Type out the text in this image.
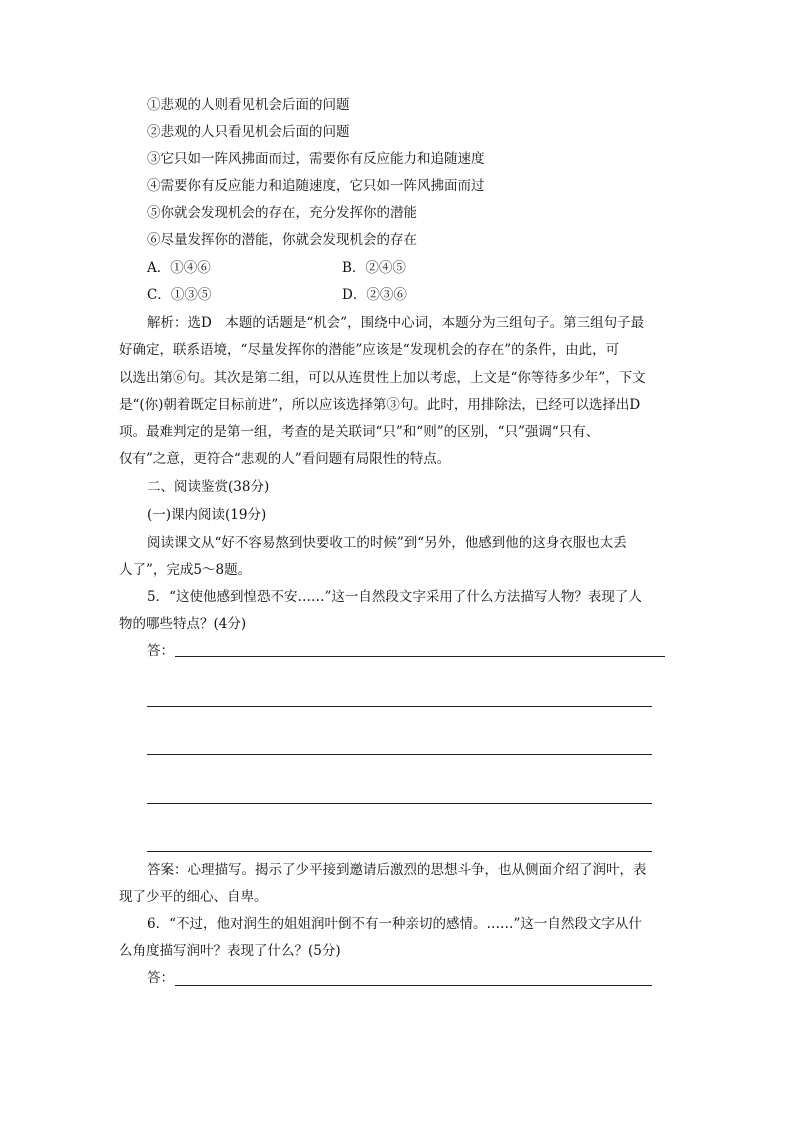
①悲观的人则看见机会后面的问题
②悲观的人只看见机会后面的问题
③它只如一阵风拂面而过，需要你有反应能力和追随速度
④需要你有反应能力和追随速度，它只如一阵风拂面而过
⑤你就会发现机会的存在，充分发挥你的潜能
⑥尽量发挥你的潜能，你就会发现机会的存在
A．①④⑥	B．②④⑤
C．①③⑤	D．②③⑥
解析：选D　本题的话题是“机会”，围绕中心词，本题分为三组句子。第三组句子最
好确定，联系语境，“尽量发挥你的潜能”应该是“发现机会的存在”的条件，由此，可
以选出第⑥句。其次是第二组，可以从连贯性上加以考虑，上文是“你等待多少年”，下文
是“(你)朝着既定目标前进”，所以应该选择第③句。此时，用排除法，已经可以选择出D
项。最难判定的是第一组，考查的是关联词“只”和“则”的区别，“只”强调“只有、
仅有”之意，更符合“悲观的人”看问题有局限性的特点。
二、阅读鉴赏(38分)
(一)课内阅读(19分)
阅读课文从“好不容易熬到快要收工的时候”到“另外，他感到他的这身衣服也太丢
人了”，完成5～8题。
5．“这使他感到惶恐不安……”这一自然段文字采用了什么方法描写人物？表现了人
物的哪些特点？(4分)
答：
答案：心理描写。揭示了少平接到邀请后激烈的思想斗争，也从侧面介绍了润叶，表
现了少平的细心、自卑。
6．“不过，他对润生的姐姐润叶倒不有一种亲切的感情。……”这一自然段文字从什
么角度描写润叶？表现了什么？(5分)
答：
